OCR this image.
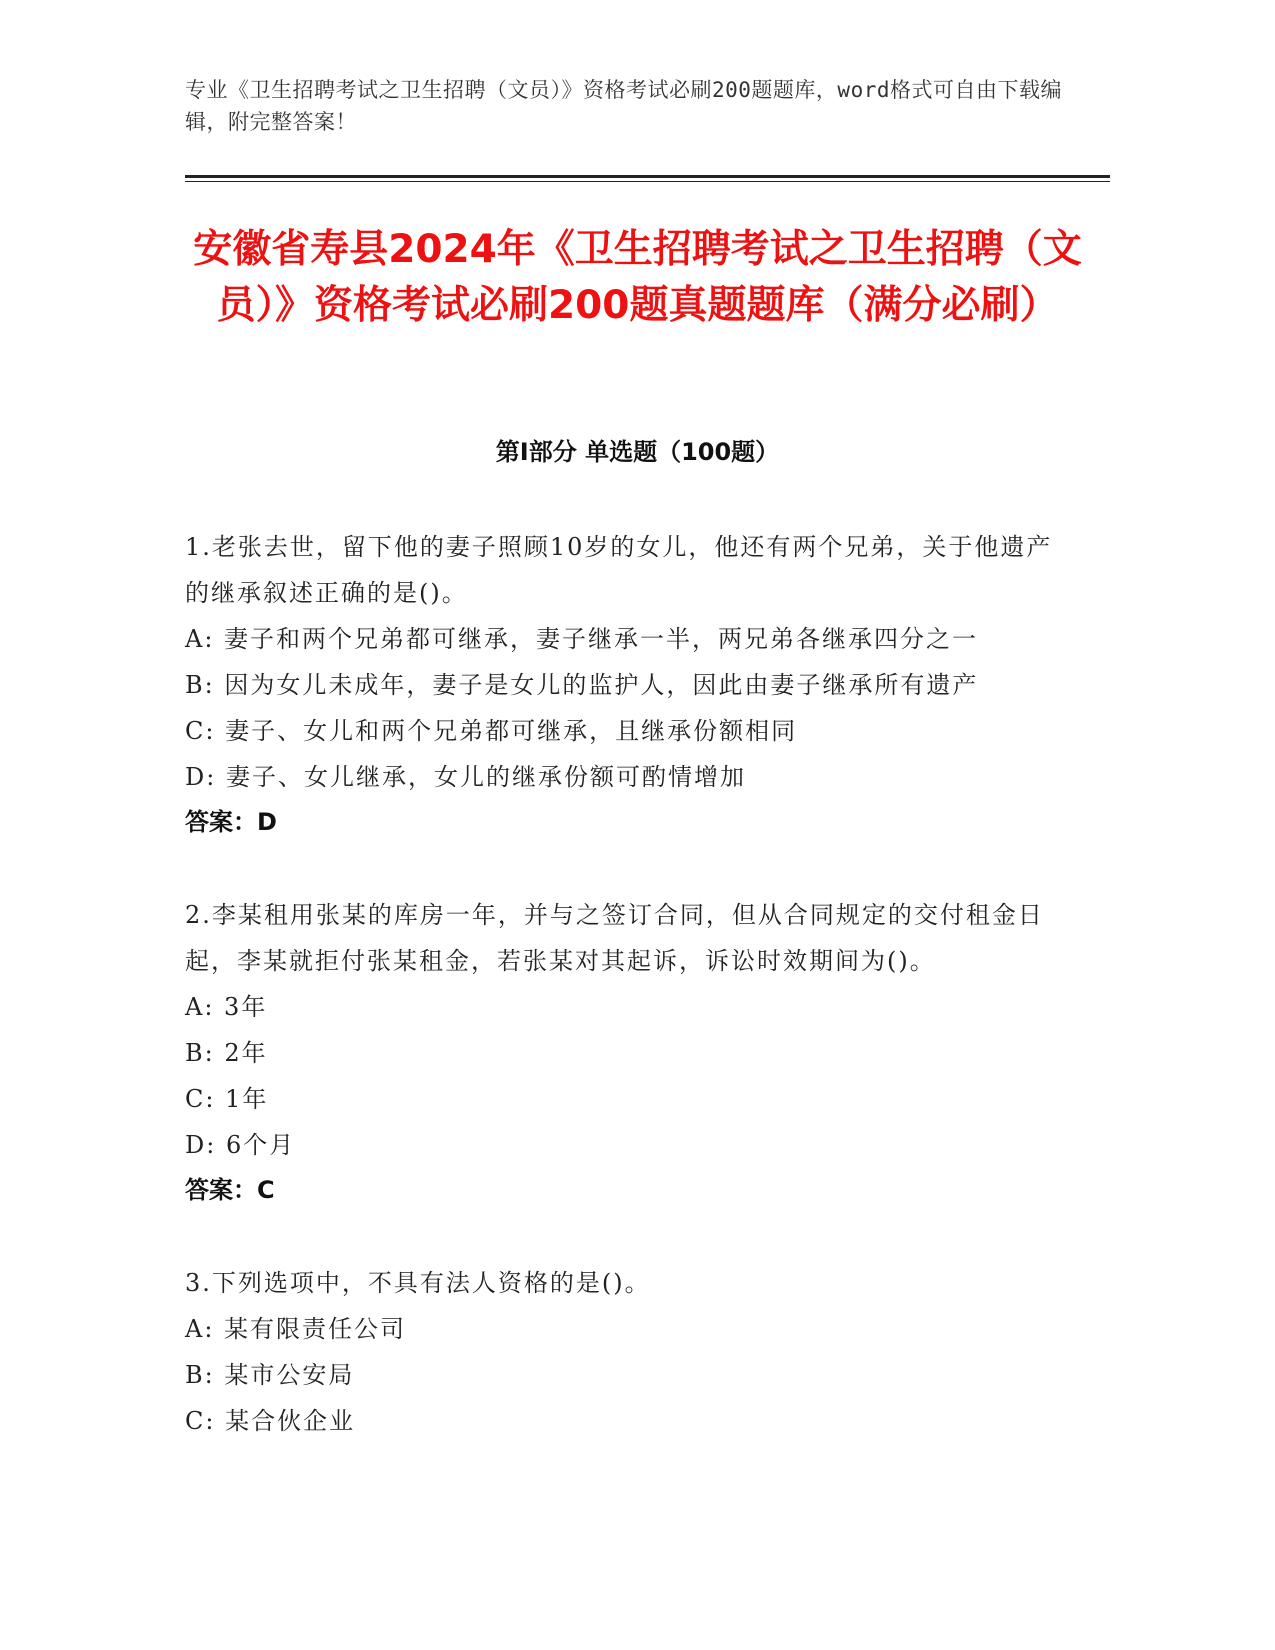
专业《卫生招聘考试之卫生招聘（文员）》资格考试必刷200题题库，word格式可自由下载编辑，附完整答案！
安徽省寿县2024年《卫生招聘考试之卫生招聘（文员）》资格考试必刷200题真题题库（满分必刷）
第I部分 单选题（100题）
1.老张去世，留下他的妻子照顾10岁的女儿，他还有两个兄弟，关于他遗产的继承叙述正确的是()。
A: 妻子和两个兄弟都可继承，妻子继承一半，两兄弟各继承四分之一
B: 因为女儿未成年，妻子是女儿的监护人，因此由妻子继承所有遗产
C: 妻子、女儿和两个兄弟都可继承，且继承份额相同
D: 妻子、女儿继承，女儿的继承份额可酌情增加
答案：D
2.李某租用张某的库房一年，并与之签订合同，但从合同规定的交付租金日起，李某就拒付张某租金，若张某对其起诉，诉讼时效期间为()。
A: 3年
B: 2年
C: 1年
D: 6个月
答案：C
3.下列选项中，不具有法人资格的是()。
A: 某有限责任公司
B: 某市公安局
C: 某合伙企业
